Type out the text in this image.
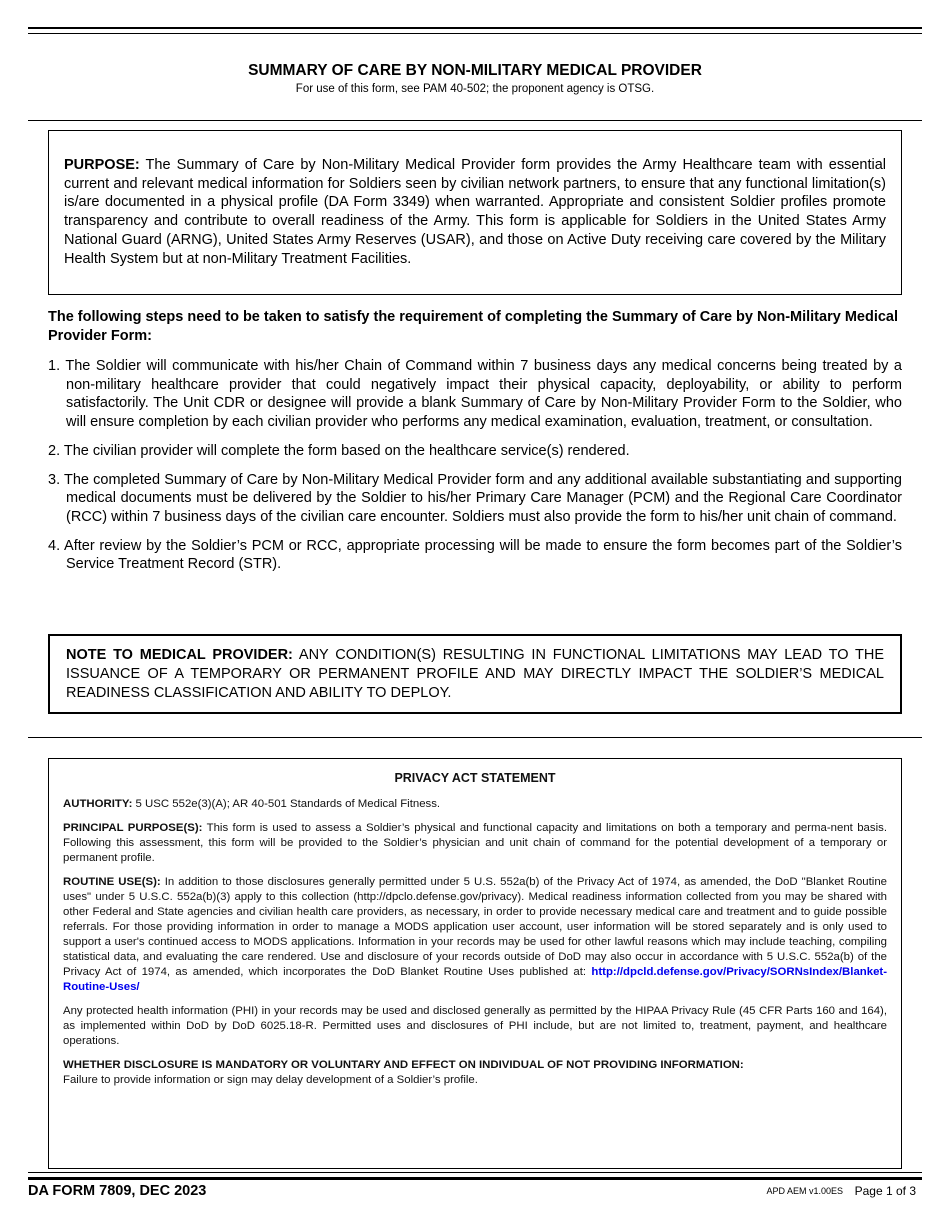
SUMMARY OF CARE BY NON-MILITARY MEDICAL PROVIDER
For use of this form, see PAM 40-502; the proponent agency is OTSG.
PURPOSE: The Summary of Care by Non-Military Medical Provider form provides the Army Healthcare team with essential current and relevant medical information for Soldiers seen by civilian network partners, to ensure that any functional limitation(s) is/are documented in a physical profile (DA Form 3349) when warranted. Appropriate and consistent Soldier profiles promote transparency and contribute to overall readiness of the Army. This form is applicable for Soldiers in the United States Army National Guard (ARNG), United States Army Reserves (USAR), and those on Active Duty receiving care covered by the Military Health System but at non-Military Treatment Facilities.
The following steps need to be taken to satisfy the requirement of completing the Summary of Care by Non-Military Medical Provider Form:
1. The Soldier will communicate with his/her Chain of Command within 7 business days any medical concerns being treated by a non-military healthcare provider that could negatively impact their physical capacity, deployability, or ability to perform satisfactorily. The Unit CDR or designee will provide a blank Summary of Care by Non-Military Provider Form to the Soldier, who will ensure completion by each civilian provider who performs any medical examination, evaluation, treatment, or consultation.
2. The civilian provider will complete the form based on the healthcare service(s) rendered.
3. The completed Summary of Care by Non-Military Medical Provider form and any additional available substantiating and supporting medical documents must be delivered by the Soldier to his/her Primary Care Manager (PCM) and the Regional Care Coordinator (RCC) within 7 business days of the civilian care encounter. Soldiers must also provide the form to his/her unit chain of command.
4. After review by the Soldier’s PCM or RCC, appropriate processing will be made to ensure the form becomes part of the Soldier’s Service Treatment Record (STR).
NOTE TO MEDICAL PROVIDER: ANY CONDITION(S) RESULTING IN FUNCTIONAL LIMITATIONS MAY LEAD TO THE ISSUANCE OF A TEMPORARY OR PERMANENT PROFILE AND MAY DIRECTLY IMPACT THE SOLDIER’S MEDICAL READINESS CLASSIFICATION AND ABILITY TO DEPLOY.
PRIVACY ACT STATEMENT

AUTHORITY: 5 USC 552e(3)(A); AR 40-501 Standards of Medical Fitness.

PRINCIPAL PURPOSE(S): This form is used to assess a Soldier’s physical and functional capacity and limitations on both a temporary and perma-nent basis. Following this assessment, this form will be provided to the Soldier’s physician and unit chain of command for the potential development of a temporary or permanent profile.

ROUTINE USE(S): In addition to those disclosures generally permitted under 5 U.S. 552a(b) of the Privacy Act of 1974, as amended, the DoD "Blanket Routine uses" under 5 U.S.C. 552a(b)(3) apply to this collection (http://dpclo.defense.gov/privacy). Medical readiness information collected from you may be shared with other Federal and State agencies and civilian health care providers, as necessary, in order to provide necessary medical care and treatment and to guide possible referrals. For those providing information in order to manage a MODS application user account, user information will be stored separately and is only used to support a user's continued access to MODS applications. Information in your records may be used for other lawful reasons which may include teaching, compiling statistical data, and evaluating the care rendered. Use and disclosure of your records outside of DoD may also occur in accordance with 5 U.S.C. 552a(b) of the Privacy Act of 1974, as amended, which incorporates the DoD Blanket Routine Uses published at: http://dpcld.defense.gov/Privacy/SORNsIndex/Blanket-Routine-Uses/

Any protected health information (PHI) in your records may be used and disclosed generally as permitted by the HIPAA Privacy Rule (45 CFR Parts 160 and 164), as implemented within DoD by DoD 6025.18-R. Permitted uses and disclosures of PHI include, but are not limited to, treatment, payment, and healthcare operations.

WHETHER DISCLOSURE IS MANDATORY OR VOLUNTARY AND EFFECT ON INDIVIDUAL OF NOT PROVIDING INFORMATION:
Failure to provide information or sign may delay development of a Soldier’s profile.

DA FORM 7809, DEC 2023	APD AEM v1.00ES Page 1 of 3
